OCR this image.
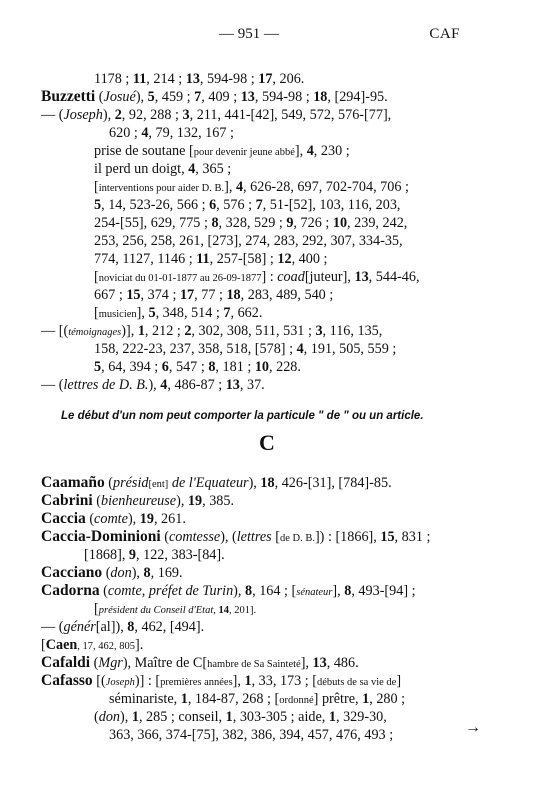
— 951 —	CAF
1178 ; 11, 214 ; 13, 594-98 ; 17, 206.
Buzzetti (Josué), 5, 459 ; 7, 409 ; 13, 594-98 ; 18, [294]-95.
— (Joseph), 2, 92, 288 ; 3, 211, 441-[42], 549, 572, 576-[77],
620 ; 4, 79, 132, 167 ;
prise de soutane [pour devenir jeune abbé], 4, 230 ;
il perd un doigt, 4, 365 ;
[interventions pour aider D. B.], 4, 626-28, 697, 702-704, 706 ;
5, 14, 523-26, 566 ; 6, 576 ; 7, 51-[52], 103, 116, 203,
254-[55], 629, 775 ; 8, 328, 529 ; 9, 726 ; 10, 239, 242,
253, 256, 258, 261, [273], 274, 283, 292, 307, 334-35,
774, 1127, 1146 ; 11, 257-[58] ; 12, 400 ;
[noviciat du 01-01-1877 au 26-09-1877] : coad[juteur], 13, 544-46,
667 ; 15, 374 ; 17, 77 ; 18, 283, 489, 540 ;
[musicien], 5, 348, 514 ; 7, 662.
— [(témoignages)], 1, 212 ; 2, 302, 308, 511, 531 ; 3, 116, 135,
158, 222-23, 237, 358, 518, [578] ; 4, 191, 505, 559 ;
5, 64, 394 ; 6, 547 ; 8, 181 ; 10, 228.
— (lettres de D. B.), 4, 486-87 ; 13, 37.
Le début d'un nom peut comporter la particule " de " ou un article.
C
Caamaño (présid[ent] de l'Equateur), 18, 426-[31], [784]-85.
Cabrini (bienheureuse), 19, 385.
Caccia (comte), 19, 261.
Caccia-Dominioni (comtesse), (lettres [de D. B.]) : [1866], 15, 831 ;
[1868], 9, 122, 383-[84].
Cacciano (don), 8, 169.
Cadorna (comte, préfet de Turin), 8, 164 ; [sénateur], 8, 493-[94] ;
[président du Conseil d'Etat, 14, 201].
— (génér[al]), 8, 462, [494].
[Caen, 17, 462, 805].
Cafaldi (Mgr), Maître de C[hambre de Sa Sainteté], 13, 486.
Cafasso [(Joseph)] : [premières années], 1, 33, 173 ; [débuts de sa vie de]
séminariste, 1, 184-87, 268 ; [ordonné] prêtre, 1, 280 ;
(don), 1, 285 ; conseil, 1, 303-305 ; aide, 1, 329-30,
363, 366, 374-[75], 382, 386, 394, 457, 476, 493 ;	→
